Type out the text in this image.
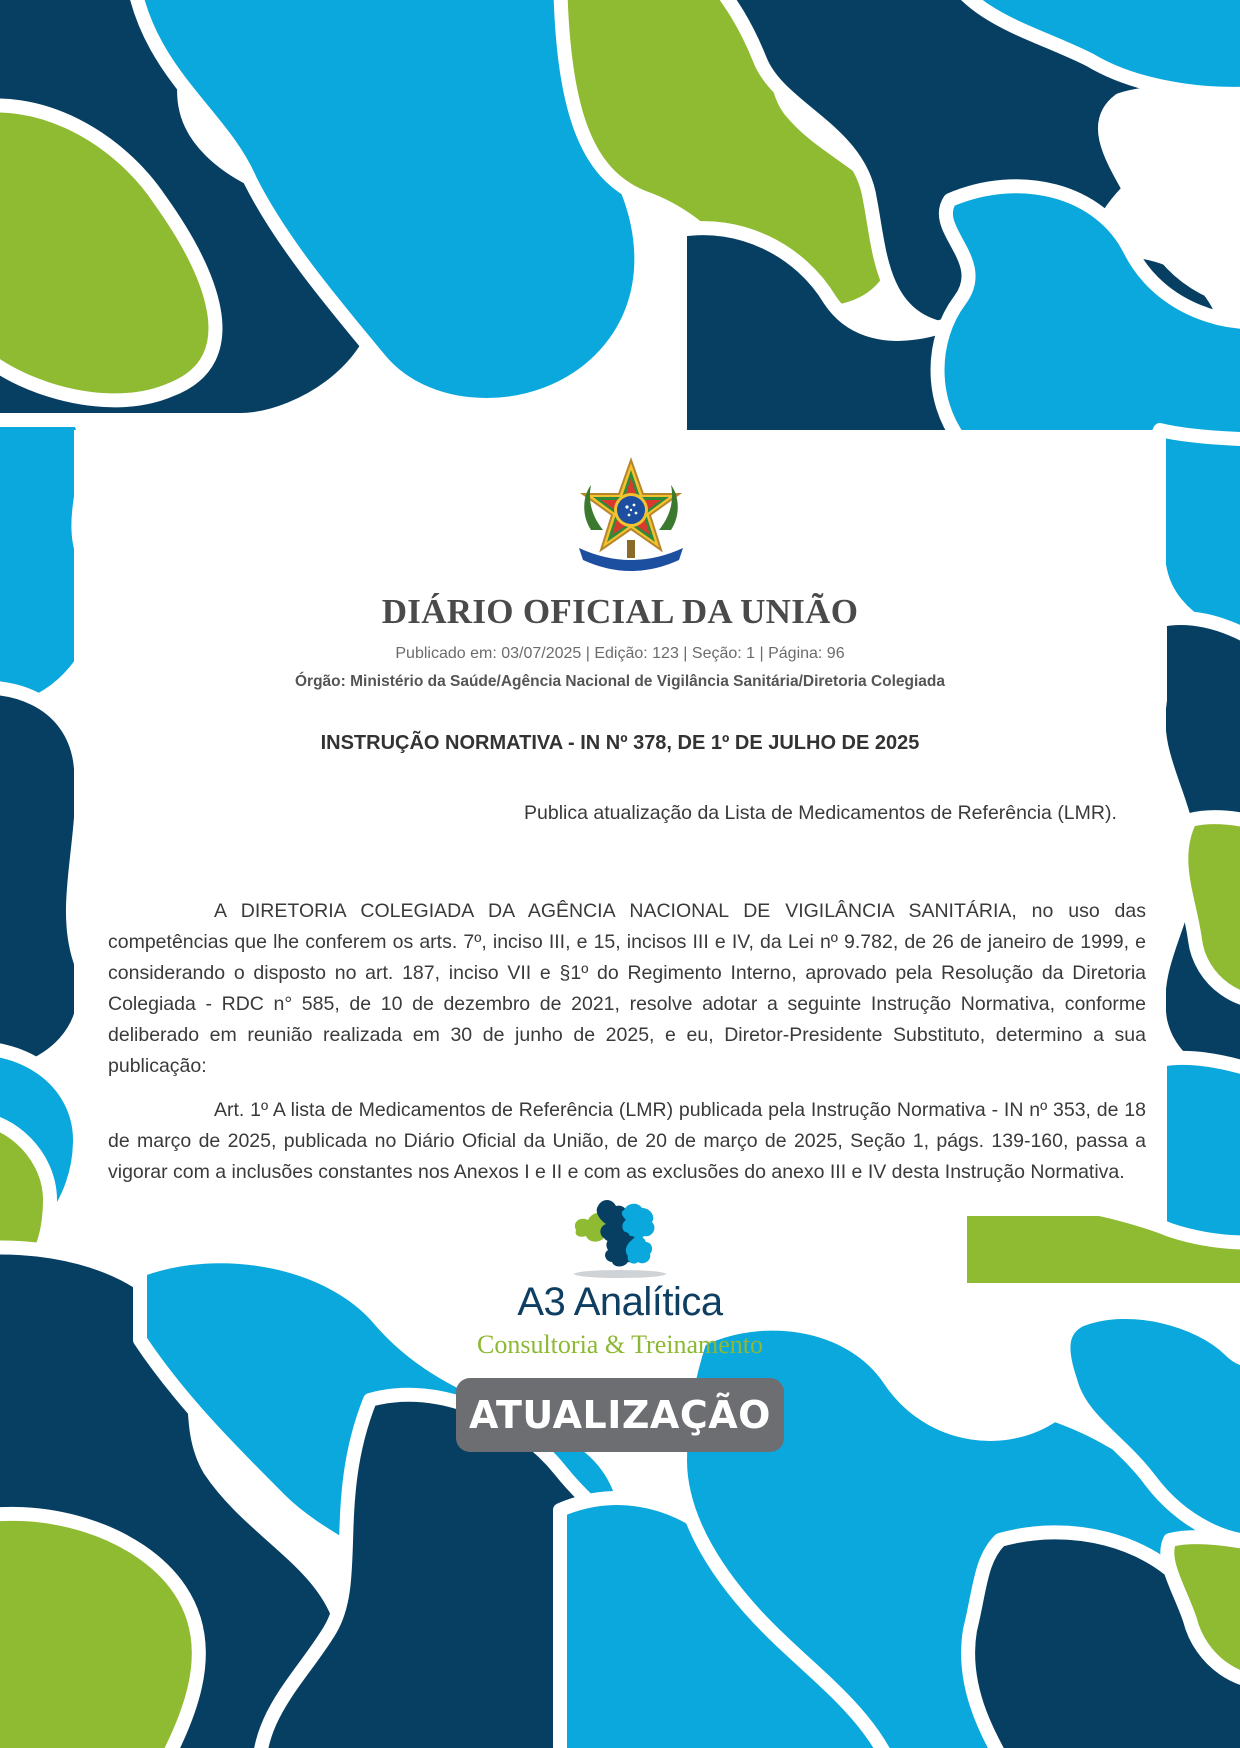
DIÁRIO OFICIAL DA UNIÃO
Publicado em: 03/07/2025 | Edição: 123 | Seção: 1 | Página: 96
Órgão: Ministério da Saúde/Agência Nacional de Vigilância Sanitária/Diretoria Colegiada
INSTRUÇÃO NORMATIVA - IN Nº 378, DE 1º DE JULHO DE 2025
Publica atualização da Lista de Medicamentos de Referência (LMR).

A DIRETORIA COLEGIADA DA AGÊNCIA NACIONAL DE VIGILÂNCIA SANITÁRIA, no uso das competências que lhe conferem os arts. 7º, inciso III, e 15, incisos III e IV, da Lei nº 9.782, de 26 de janeiro de 1999, e considerando o disposto no art. 187, inciso VII e §1º do Regimento Interno, aprovado pela Resolução da Diretoria Colegiada - RDC n° 585, de 10 de dezembro de 2021, resolve adotar a seguinte Instrução Normativa, conforme deliberado em reunião realizada em 30 de junho de 2025, e eu, Diretor-Presidente Substituto, determino a sua publicação:

Art. 1º A lista de Medicamentos de Referência (LMR) publicada pela Instrução Normativa - IN nº 353, de 18 de março de 2025, publicada no Diário Oficial da União, de 20 de março de 2025, Seção 1, págs. 139-160, passa a vigorar com a inclusões constantes nos Anexos I e II e com as exclusões do anexo III e IV desta Instrução Normativa.

A3 Analítica
Consultoria & Treinamento
ATUALIZAÇÃO
